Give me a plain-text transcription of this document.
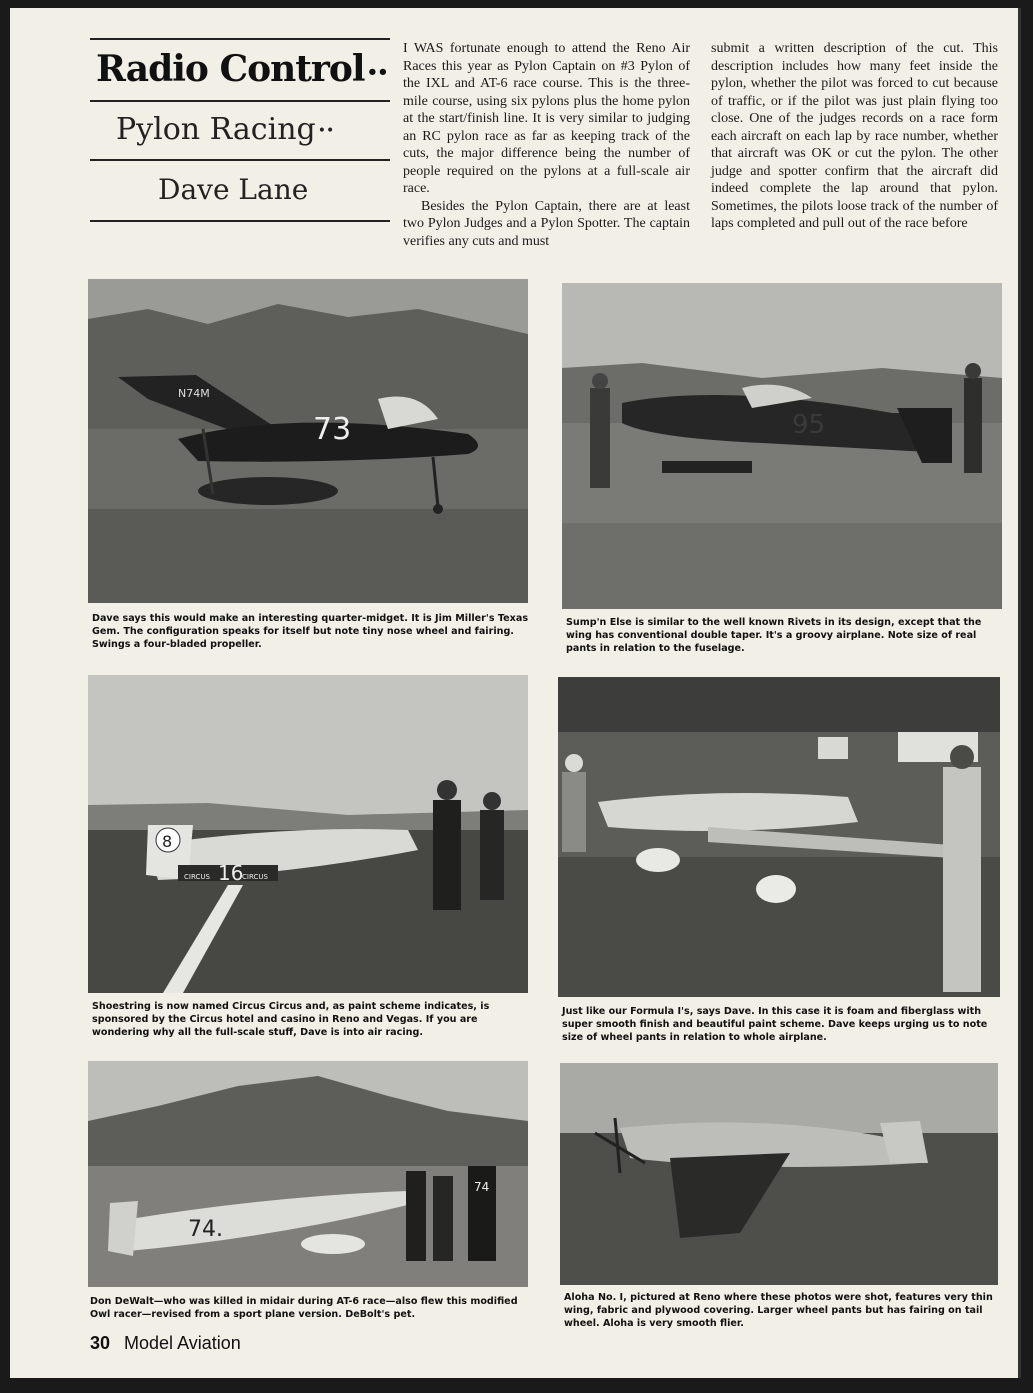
Radio Control ••
Pylon Racing ••
Dave Lane

I WAS fortunate enough to attend the Reno Air Races this year as Pylon Captain on #3 Pylon of the IXL and AT-6 race course. This is the three-mile course, using six pylons plus the home pylon at the start/finish line. It is very similar to judging an RC pylon race as far as keeping track of the cuts, the major difference being the number of people required on the pylons at a full-scale air race.

Besides the Pylon Captain, there are at least two Pylon Judges and a Pylon Spotter. The captain verifies any cuts and must

submit a written description of the cut. This description includes how many feet inside the pylon, whether the pilot was forced to cut because of traffic, or if the pilot was just plain flying too close. One of the judges records on a race form each aircraft on each lap by race number, whether that aircraft was OK or cut the pylon. The other judge and spotter confirm that the aircraft did indeed complete the lap around that pylon. Sometimes, the pilots loose track of the number of laps completed and pull out of the race before

73
N74M
Dave says this would make an interesting quarter-midget. It is Jim Miller's Texas Gem. The configuration speaks for itself but note tiny nose wheel and fairing. Swings a four-bladed propeller.
95
Sump'n Else is similar to the well known Rivets in its design, except that the wing has conventional double taper. It's a groovy airplane. Note size of real pants in relation to the fuselage.
8
16
CIRCUS	CIRCUS
Shoestring is now named Circus Circus and, as paint scheme indicates, is sponsored by the Circus hotel and casino in Reno and Vegas. If you are wondering why all the full-scale stuff, Dave is into air racing.
Just like our Formula I's, says Dave. In this case it is foam and fiberglass with super smooth finish and beautiful paint scheme. Dave keeps urging us to note size of wheel pants in relation to whole airplane.
74.
74
Don DeWalt—who was killed in midair during AT-6 race—also flew this modified Owl racer—revised from a sport plane version. DeBolt's pet.
Aloha No. I, pictured at Reno where these photos were shot, features very thin wing, fabric and plywood covering. Larger wheel pants but has fairing on tail wheel. Aloha is very smooth flier.
30 Model Aviation
